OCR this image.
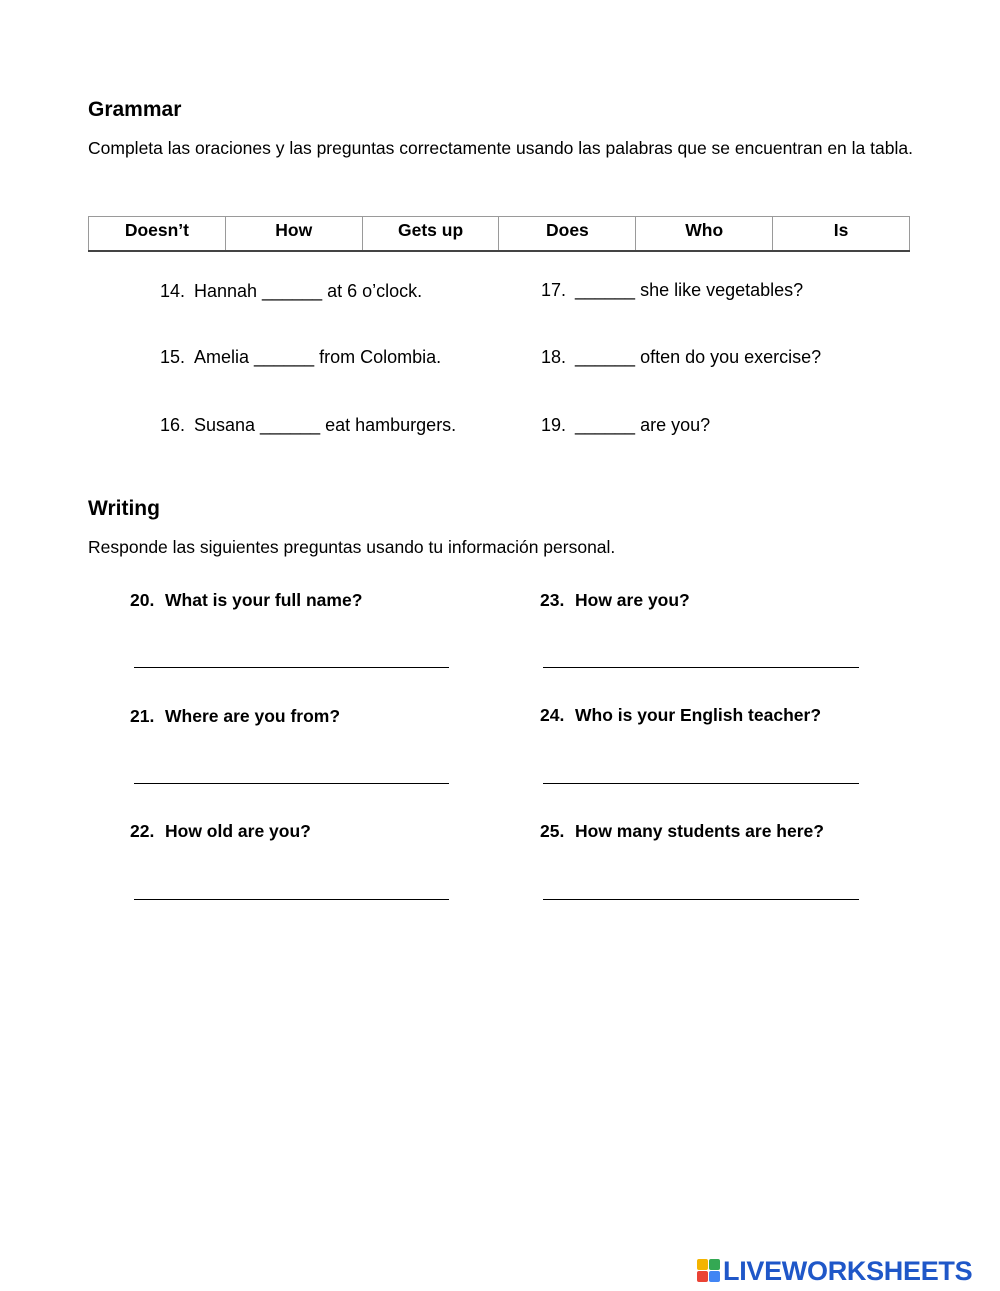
Grammar
Completa las oraciones y las preguntas correctamente usando las palabras que se encuentran en la tabla.
Doesn’t	How	Gets up	Does	Who	Is
14. Hannah ______ at 6 o’clock.
15. Amelia ______ from Colombia.
16. Susana ______ eat hamburgers.
17. ______ she like vegetables?
18. ______ often do you exercise?
19. ______ are you?
Writing
Responde las siguientes preguntas usando tu información personal.
20. What is your full name?
21. Where are you from?
22. How old are you?
23. How are you?
24. Who is your English teacher?
25. How many students are here?
LIVEWORKSHEETS
